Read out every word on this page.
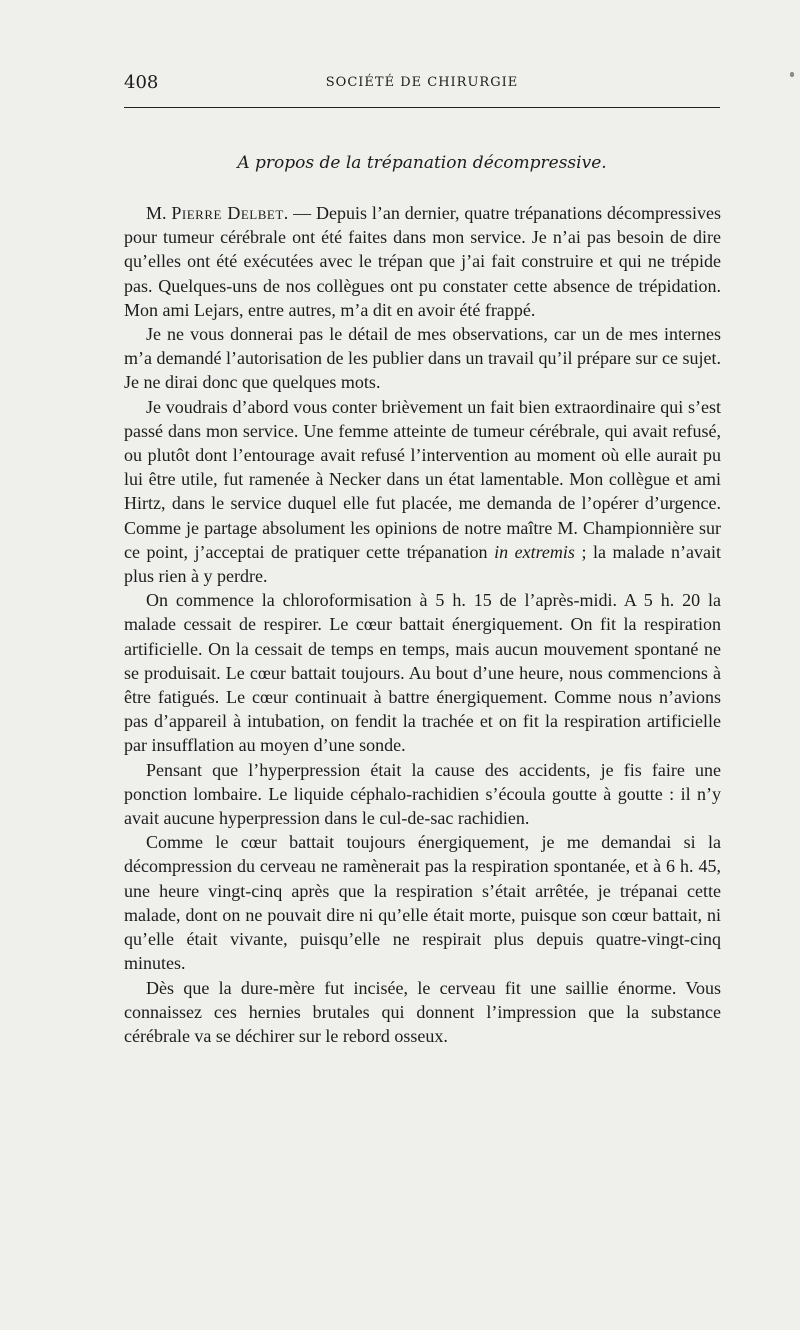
408	SOCIÉTÉ DE CHIRURGIE
A propos de la trépanation décompressive.

M. Pierre Delbet. — Depuis l’an dernier, quatre trépanations décompressives pour tumeur cérébrale ont été faites dans mon service. Je n’ai pas besoin de dire qu’elles ont été exécutées avec le trépan que j’ai fait construire et qui ne trépide pas. Quelques-uns de nos collègues ont pu constater cette absence de trépidation. Mon ami Lejars, entre autres, m’a dit en avoir été frappé.

Je ne vous donnerai pas le détail de mes observations, car un de mes internes m’a demandé l’autorisation de les publier dans un travail qu’il prépare sur ce sujet. Je ne dirai donc que quelques mots.

Je voudrais d’abord vous conter brièvement un fait bien extraordinaire qui s’est passé dans mon service. Une femme atteinte de tumeur cérébrale, qui avait refusé, ou plutôt dont l’entourage avait refusé l’intervention au moment où elle aurait pu lui être utile, fut ramenée à Necker dans un état lamentable. Mon collègue et ami Hirtz, dans le service duquel elle fut placée, me demanda de l’opérer d’urgence. Comme je partage absolument les opinions de notre maître M. Championnière sur ce point, j’acceptai de pratiquer cette trépanation in extremis ; la malade n’avait plus rien à y perdre.

On commence la chloroformisation à 5 h. 15 de l’après-midi. A 5 h. 20 la malade cessait de respirer. Le cœur battait énergiquement. On fit la respiration artificielle. On la cessait de temps en temps, mais aucun mouvement spontané ne se produisait. Le cœur battait toujours. Au bout d’une heure, nous commencions à être fatigués. Le cœur continuait à battre énergiquement. Comme nous n’avions pas d’appareil à intubation, on fendit la trachée et on fit la respiration artificielle par insufflation au moyen d’une sonde.

Pensant que l’hyperpression était la cause des accidents, je fis faire une ponction lombaire. Le liquide céphalo-rachidien s’écoula goutte à goutte : il n’y avait aucune hyperpression dans le cul-de-sac rachidien.

Comme le cœur battait toujours énergiquement, je me demandai si la décompression du cerveau ne ramènerait pas la respiration spontanée, et à 6 h. 45, une heure vingt-cinq après que la respiration s’était arrêtée, je trépanai cette malade, dont on ne pouvait dire ni qu’elle était morte, puisque son cœur battait, ni qu’elle était vivante, puisqu’elle ne respirait plus depuis quatre-vingt-cinq minutes.

Dès que la dure-mère fut incisée, le cerveau fit une saillie énorme. Vous connaissez ces hernies brutales qui donnent l’impression que la substance cérébrale va se déchirer sur le rebord osseux.
